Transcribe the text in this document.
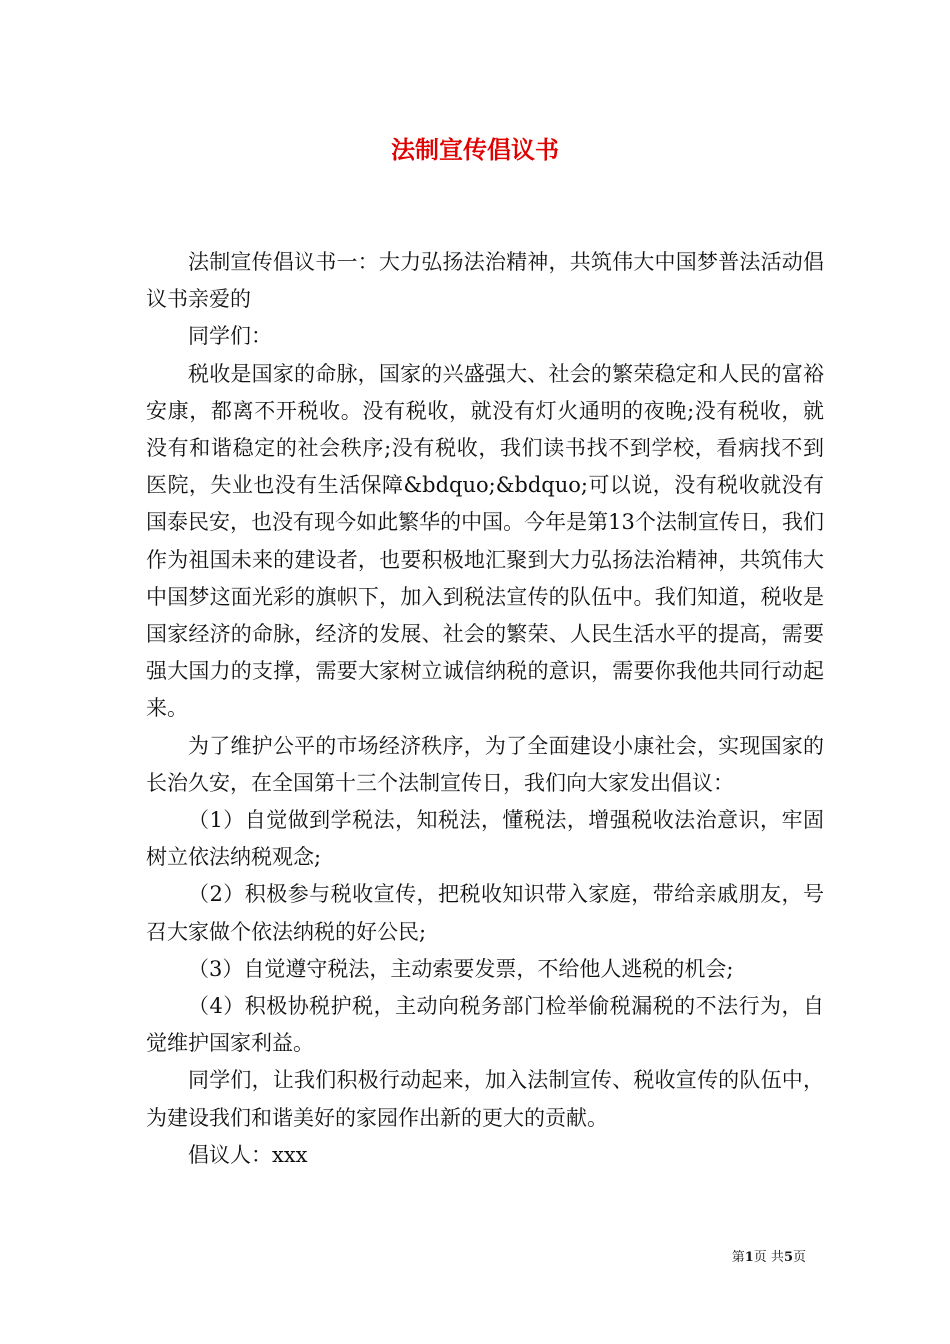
法制宣传倡议书

法制宣传倡议书一：大力弘扬法治精神，共筑伟大中国梦普法活动倡议书亲爱的

同学们：

税收是国家的命脉，国家的兴盛强大、社会的繁荣稳定和人民的富裕安康，都离不开税收。没有税收，就没有灯火通明的夜晚;没有税收，就没有和谐稳定的社会秩序;没有税收，我们读书找不到学校，看病找不到医院，失业也没有生活保障&bdquo;&bdquo;可以说，没有税收就没有国泰民安，也没有现今如此繁华的中国。今年是第13个法制宣传日，我们作为祖国未来的建设者，也要积极地汇聚到大力弘扬法治精神，共筑伟大中国梦这面光彩的旗帜下，加入到税法宣传的队伍中。我们知道，税收是国家经济的命脉，经济的发展、社会的繁荣、人民生活水平的提高，需要强大国力的支撑，需要大家树立诚信纳税的意识，需要你我他共同行动起来。

为了维护公平的市场经济秩序，为了全面建设小康社会，实现国家的长治久安，在全国第十三个法制宣传日，我们向大家发出倡议：

（1）自觉做到学税法，知税法，懂税法，增强税收法治意识，牢固树立依法纳税观念;

（2）积极参与税收宣传，把税收知识带入家庭，带给亲戚朋友，号召大家做个依法纳税的好公民;

（3）自觉遵守税法，主动索要发票，不给他人逃税的机会;

（4）积极协税护税，主动向税务部门检举偷税漏税的不法行为，自觉维护国家利益。

同学们，让我们积极行动起来，加入法制宣传、税收宣传的队伍中，为建设我们和谐美好的家园作出新的更大的贡献。

倡议人：xxx

第1页 共5页
